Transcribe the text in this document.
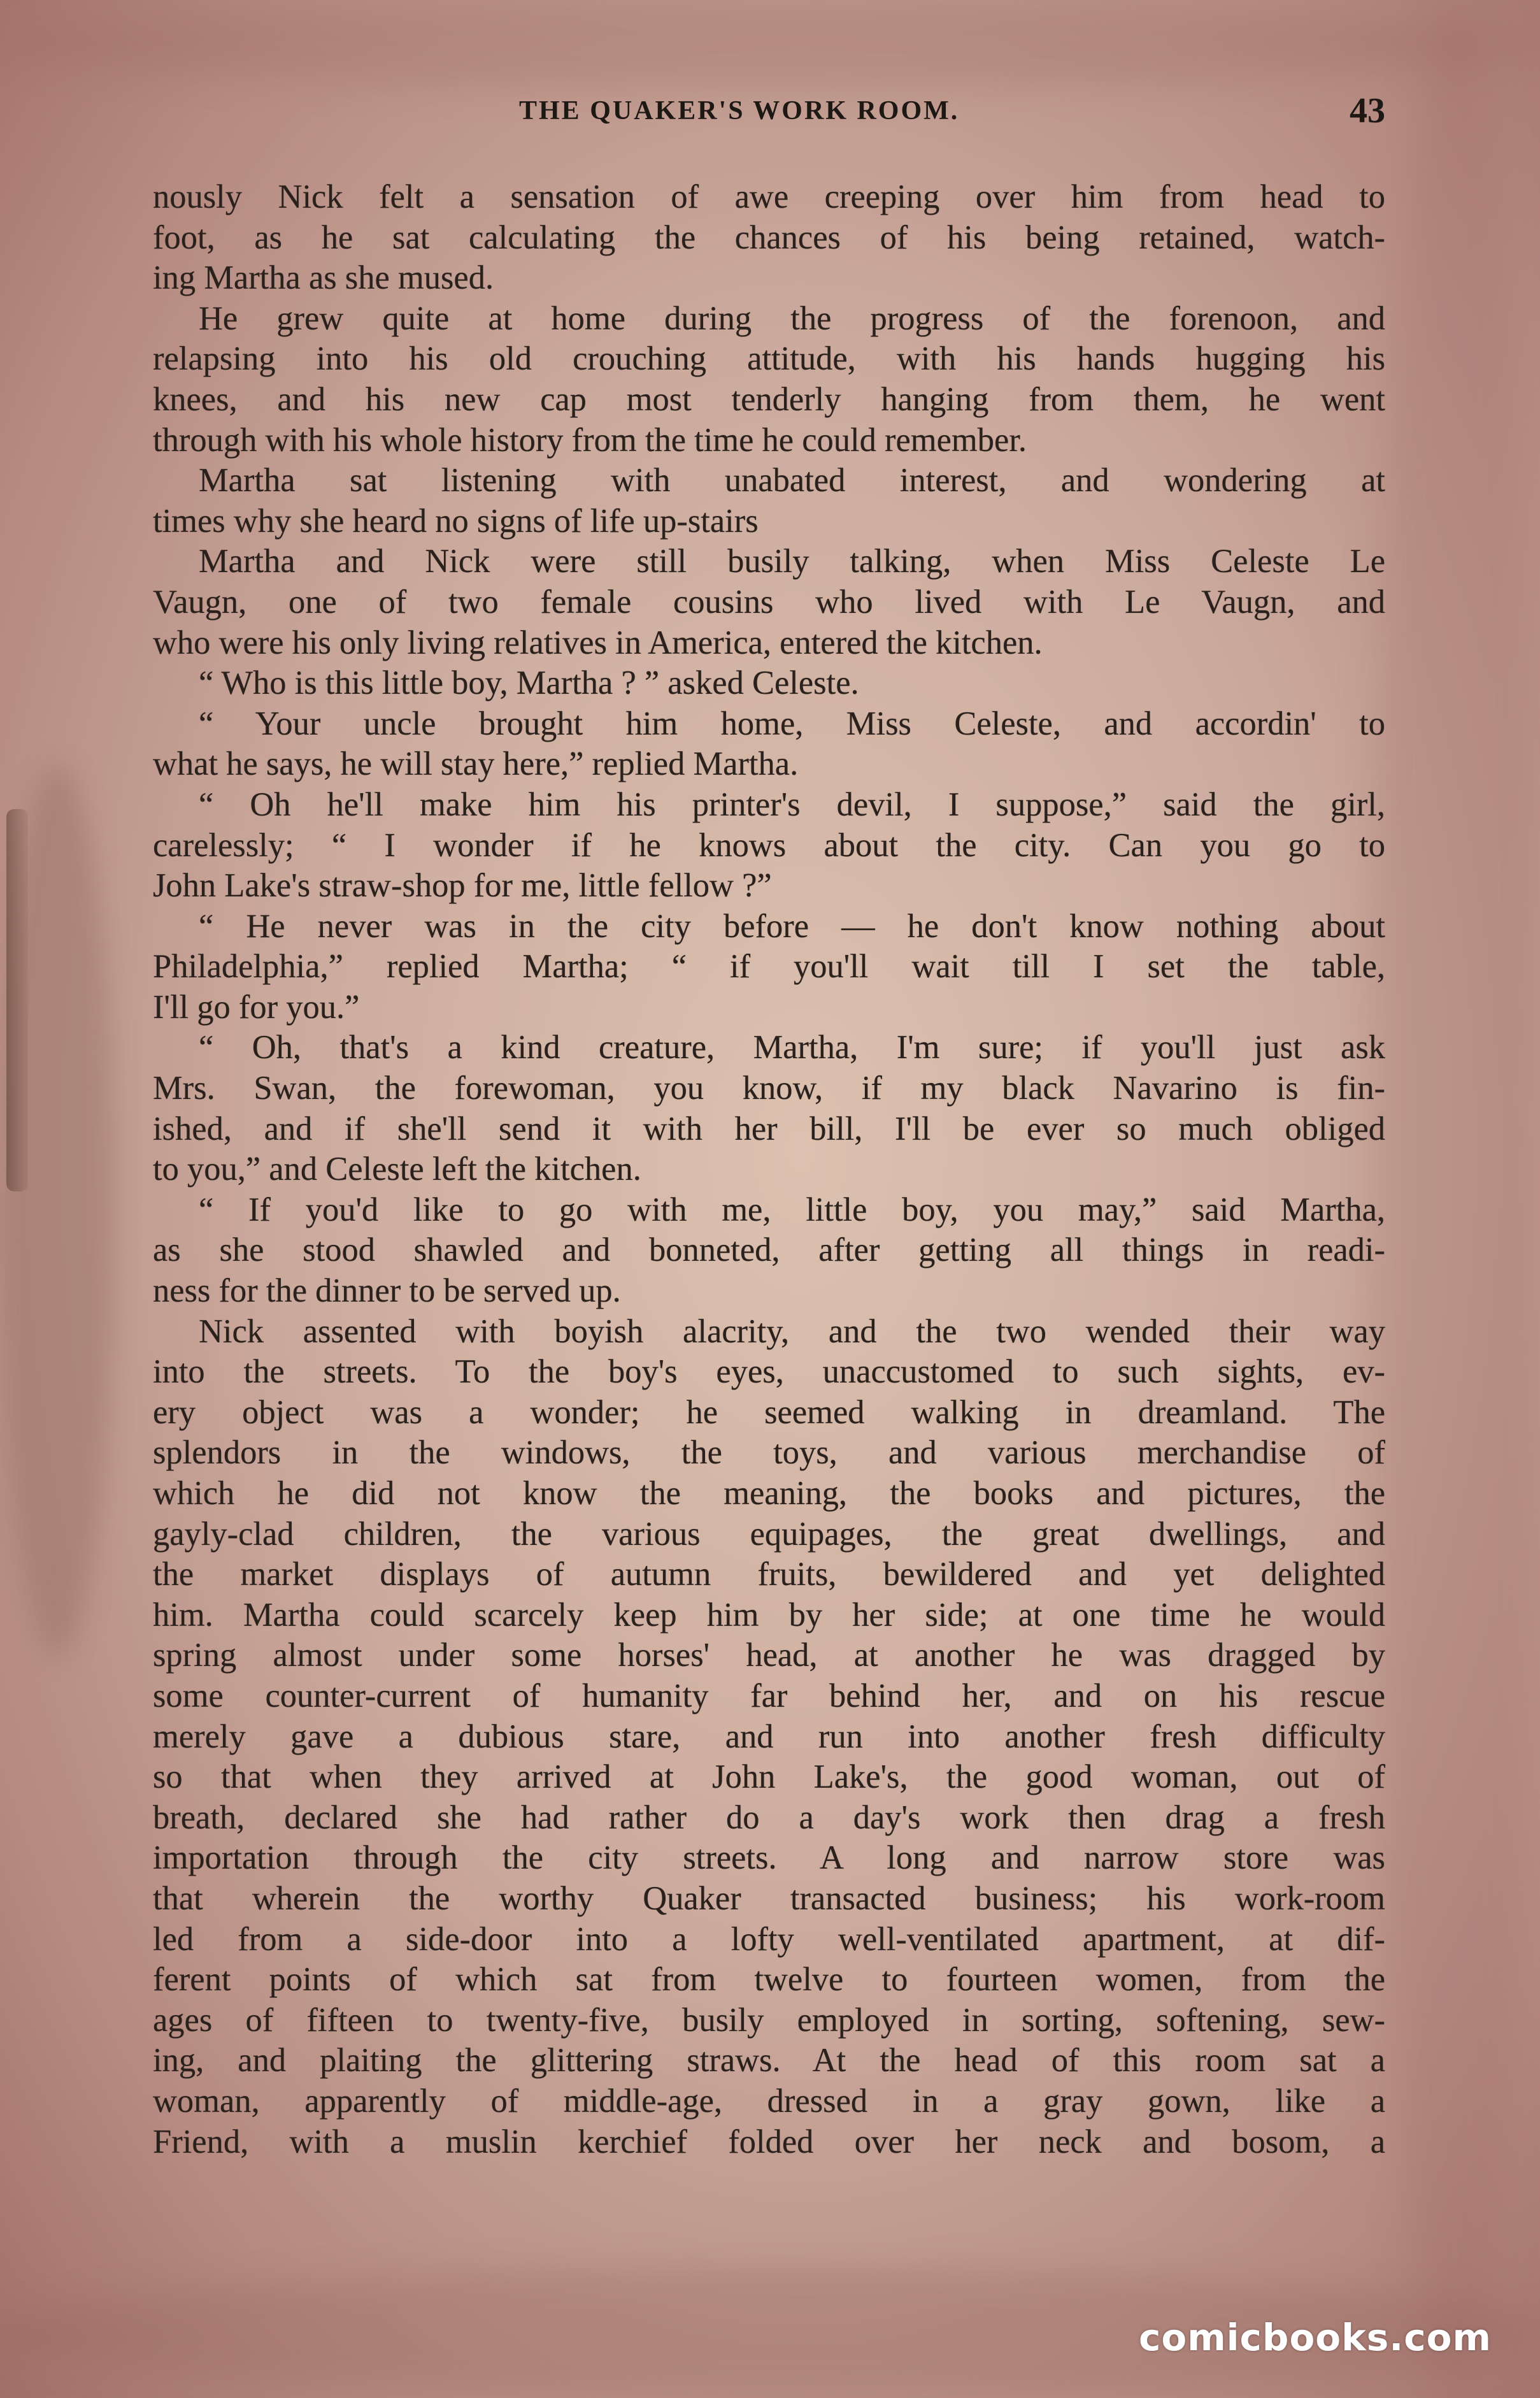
THE QUAKER'S WORK ROOM.	43
nously Nick felt a sensation of awe creeping over him from head to
foot, as he sat calculating the chances of his being retained, watch-
ing Martha as she mused.
He grew quite at home during the progress of the forenoon, and
relapsing into his old crouching attitude, with his hands hugging his
knees, and his new cap most tenderly hanging from them, he went
through with his whole history from the time he could remember.
Martha sat listening with unabated interest, and wondering at
times why she heard no signs of life up-stairs
Martha and Nick were still busily talking, when Miss Celeste Le
Vaugn, one of two female cousins who lived with Le Vaugn, and
who were his only living relatives in America, entered the kitchen.
“ Who is this little boy, Martha ? ” asked Celeste.
“ Your uncle brought him home, Miss Celeste, and accordin' to
what he says, he will stay here,” replied Martha.
“ Oh he'll make him his printer's devil, I suppose,” said the girl,
carelessly; “ I wonder if he knows about the city. Can you go to
John Lake's straw-shop for me, little fellow ?”
“ He never was in the city before — he don't know nothing about
Philadelphia,” replied Martha; “ if you'll wait till I set the table,
I'll go for you.”
“ Oh, that's a kind creature, Martha, I'm sure; if you'll just ask
Mrs. Swan, the forewoman, you know, if my black Navarino is fin-
ished, and if she'll send it with her bill, I'll be ever so much obliged
to you,” and Celeste left the kitchen.
“ If you'd like to go with me, little boy, you may,” said Martha,
as she stood shawled and bonneted, after getting all things in readi-
ness for the dinner to be served up.
Nick assented with boyish alacrity, and the two wended their way
into the streets. To the boy's eyes, unaccustomed to such sights, ev-
ery object was a wonder; he seemed walking in dreamland. The
splendors in the windows, the toys, and various merchandise of
which he did not know the meaning, the books and pictures, the
gayly-clad children, the various equipages, the great dwellings, and
the market displays of autumn fruits, bewildered and yet delighted
him. Martha could scarcely keep him by her side; at one time he would
spring almost under some horses' head, at another he was dragged by
some counter-current of humanity far behind her, and on his rescue
merely gave a dubious stare, and run into another fresh difficulty
so that when they arrived at John Lake's, the good woman, out of
breath, declared she had rather do a day's work then drag a fresh
importation through the city streets. A long and narrow store was
that wherein the worthy Quaker transacted business; his work-room
led from a side-door into a lofty well-ventilated apartment, at dif-
ferent points of which sat from twelve to fourteen women, from the
ages of fifteen to twenty-five, busily employed in sorting, softening, sew-
ing, and plaiting the glittering straws. At the head of this room sat a
woman, apparently of middle-age, dressed in a gray gown, like a
Friend, with a muslin kerchief folded over her neck and bosom, a
comicbooks.com
